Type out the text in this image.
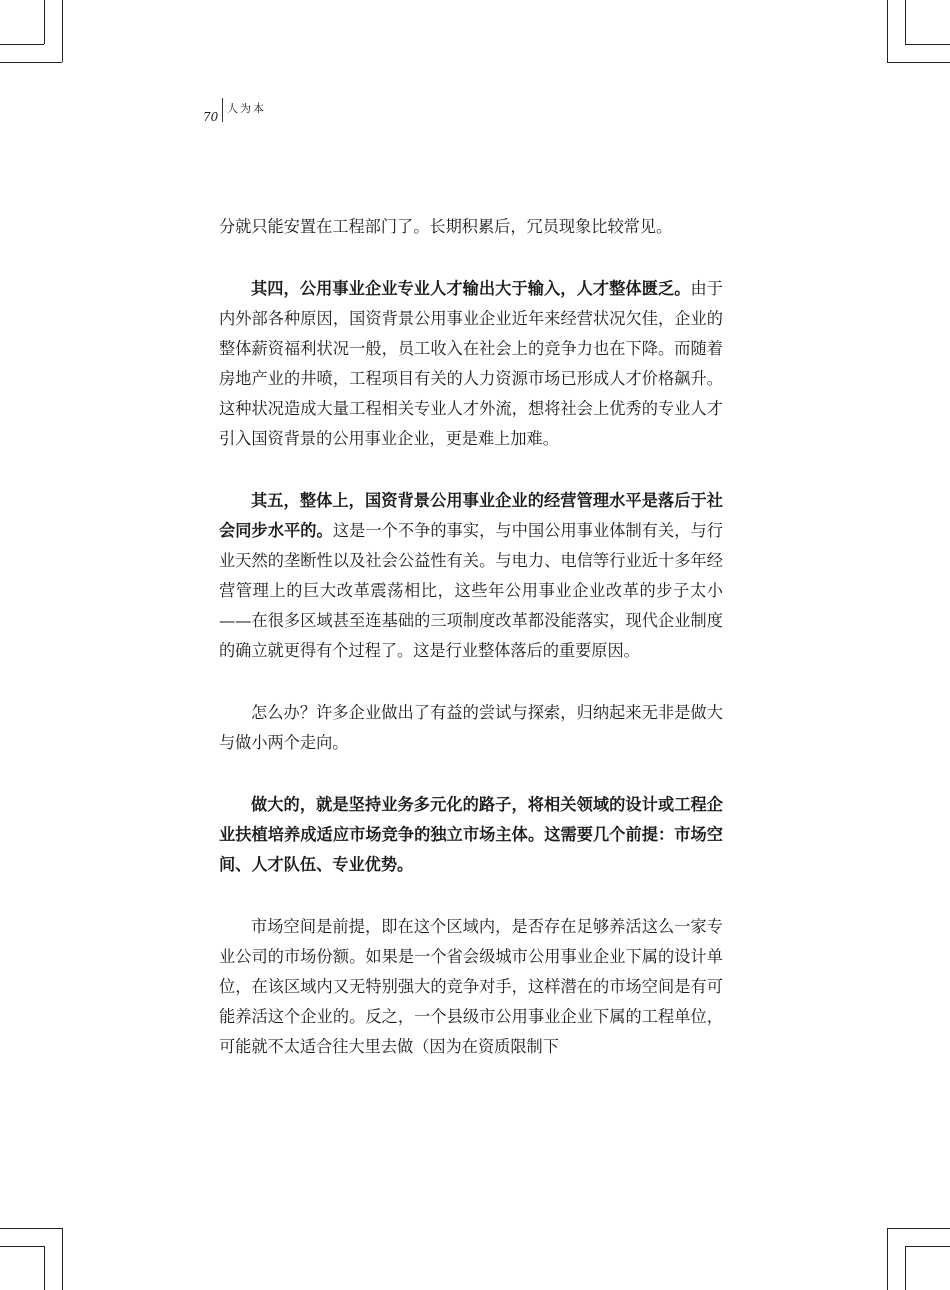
70
人为本

分就只能安置在工程部门了。长期积累后，冗员现象比较常见。

其四，公用事业企业专业人才输出大于输入，人才整体匮乏。由于内外部各种原因，国资背景公用事业企业近年来经营状况欠佳，企业的整体薪资福利状况一般，员工收入在社会上的竞争力也在下降。而随着房地产业的井喷，工程项目有关的人力资源市场已形成人才价格飙升。这种状况造成大量工程相关专业人才外流，想将社会上优秀的专业人才引入国资背景的公用事业企业，更是难上加难。

其五，整体上，国资背景公用事业企业的经营管理水平是落后于社会同步水平的。这是一个不争的事实，与中国公用事业体制有关，与行业天然的垄断性以及社会公益性有关。与电力、电信等行业近十多年经营管理上的巨大改革震荡相比，这些年公用事业企业改革的步子太小——在很多区域甚至连基础的三项制度改革都没能落实，现代企业制度的确立就更得有个过程了。这是行业整体落后的重要原因。

怎么办？许多企业做出了有益的尝试与探索，归纳起来无非是做大与做小两个走向。

做大的，就是坚持业务多元化的路子，将相关领域的设计或工程企业扶植培养成适应市场竞争的独立市场主体。这需要几个前提：市场空间、人才队伍、专业优势。

市场空间是前提，即在这个区域内，是否存在足够养活这么一家专业公司的市场份额。如果是一个省会级城市公用事业企业下属的设计单位，在该区域内又无特别强大的竞争对手，这样潜在的市场空间是有可能养活这个企业的。反之，一个县级市公用事业企业下属的工程单位，可能就不太适合往大里去做（因为在资质限制下
